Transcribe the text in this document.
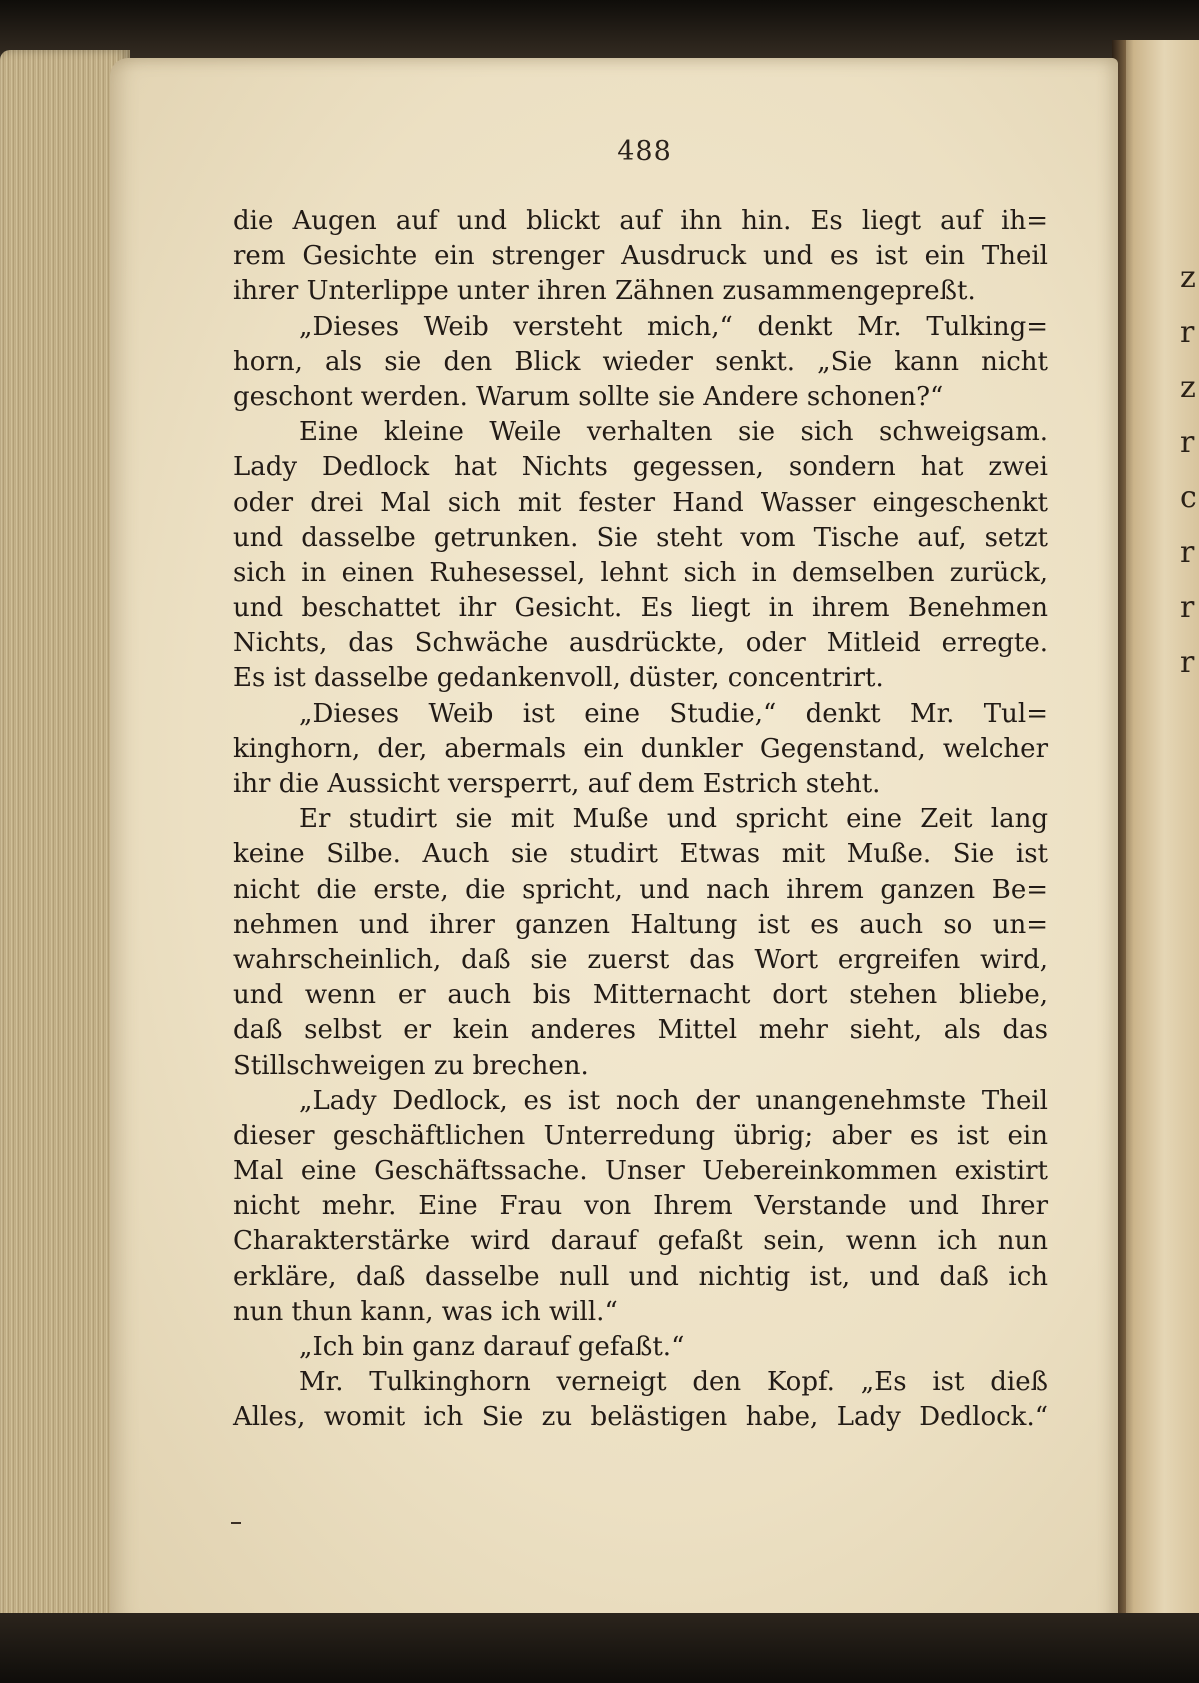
z
r
z
r
c
r
r
r
488
die Augen auf und blickt auf ihn hin. Es liegt auf ih=
rem Gesichte ein strenger Ausdruck und es ist ein Theil
ihrer Unterlippe unter ihren Zähnen zusammengepreßt.
„Dieses Weib versteht mich,“ denkt Mr. Tulking=
horn, als sie den Blick wieder senkt. „Sie kann nicht
geschont werden. Warum sollte sie Andere schonen?“
Eine kleine Weile verhalten sie sich schweigsam.
Lady Dedlock hat Nichts gegessen, sondern hat zwei
oder drei Mal sich mit fester Hand Wasser eingeschenkt
und dasselbe getrunken. Sie steht vom Tische auf, setzt
sich in einen Ruhesessel, lehnt sich in demselben zurück,
und beschattet ihr Gesicht. Es liegt in ihrem Benehmen
Nichts, das Schwäche ausdrückte, oder Mitleid erregte.
Es ist dasselbe gedankenvoll, düster, concentrirt.
„Dieses Weib ist eine Studie,“ denkt Mr. Tul=
kinghorn, der, abermals ein dunkler Gegenstand, welcher
ihr die Aussicht versperrt, auf dem Estrich steht.
Er studirt sie mit Muße und spricht eine Zeit lang
keine Silbe. Auch sie studirt Etwas mit Muße. Sie ist
nicht die erste, die spricht, und nach ihrem ganzen Be=
nehmen und ihrer ganzen Haltung ist es auch so un=
wahrscheinlich, daß sie zuerst das Wort ergreifen wird,
und wenn er auch bis Mitternacht dort stehen bliebe,
daß selbst er kein anderes Mittel mehr sieht, als das
Stillschweigen zu brechen.
„Lady Dedlock, es ist noch der unangenehmste Theil
dieser geschäftlichen Unterredung übrig; aber es ist ein
Mal eine Geschäftssache. Unser Uebereinkommen existirt
nicht mehr. Eine Frau von Ihrem Verstande und Ihrer
Charakterstärke wird darauf gefaßt sein, wenn ich nun
erkläre, daß dasselbe null und nichtig ist, und daß ich
nun thun kann, was ich will.“
„Ich bin ganz darauf gefaßt.“
Mr. Tulkinghorn verneigt den Kopf. „Es ist dieß
Alles, womit ich Sie zu belästigen habe, Lady Dedlock.“
